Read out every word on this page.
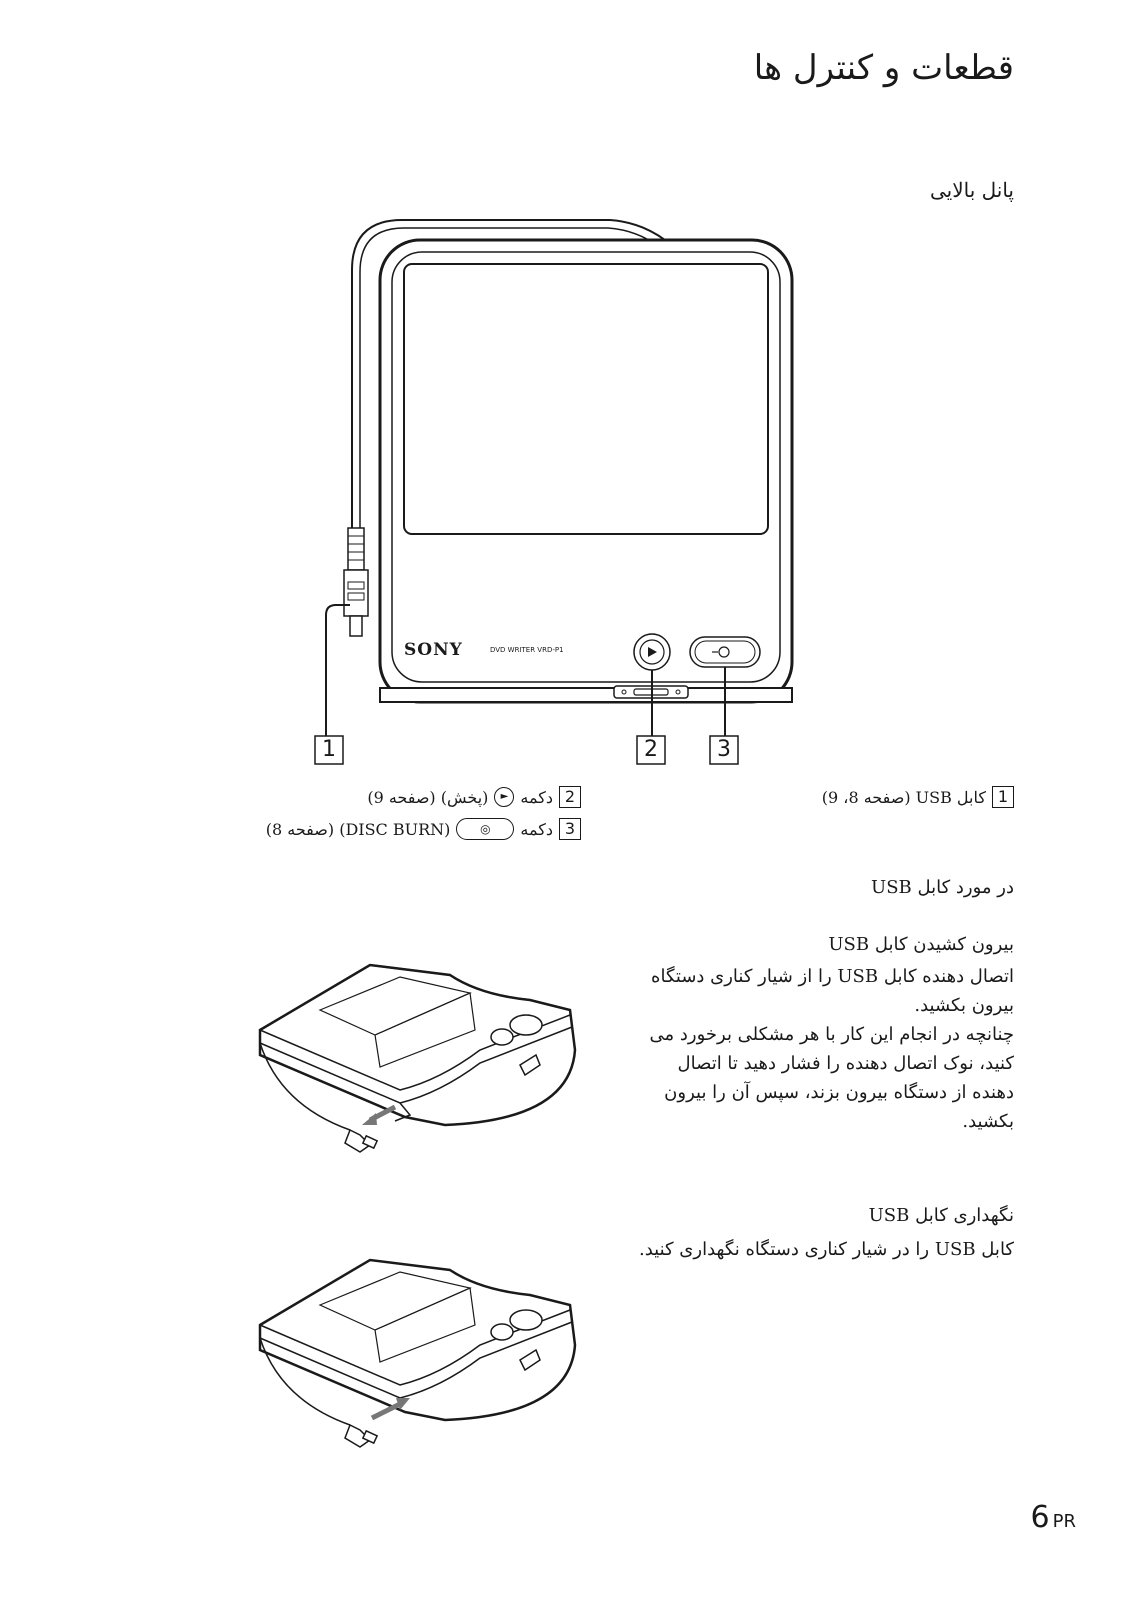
قطعات و کنترل ها
پانل بالایی
SONY	DVD WRITER VRD-P1
1	2	3
1
کابل USB (صفحه 8، 9)
2
دکمه
►
(پخش) (صفحه 9)
3
دکمه
◎
(DISC BURN) (صفحه 8)
در مورد کابل USB
بیرون کشیدن کابل USB
اتصال دهنده کابل USB را از شیار کناری دستگاه
بیرون بکشید.
چنانچه در انجام این کار با هر مشکلی برخورد می
کنید، نوک اتصال دهنده را فشار دهید تا اتصال
دهنده از دستگاه بیرون بزند، سپس آن را بیرون
بکشید.
نگهداری کابل USB
کابل USB را در شیار کناری دستگاه نگهداری کنید.
6 PR
